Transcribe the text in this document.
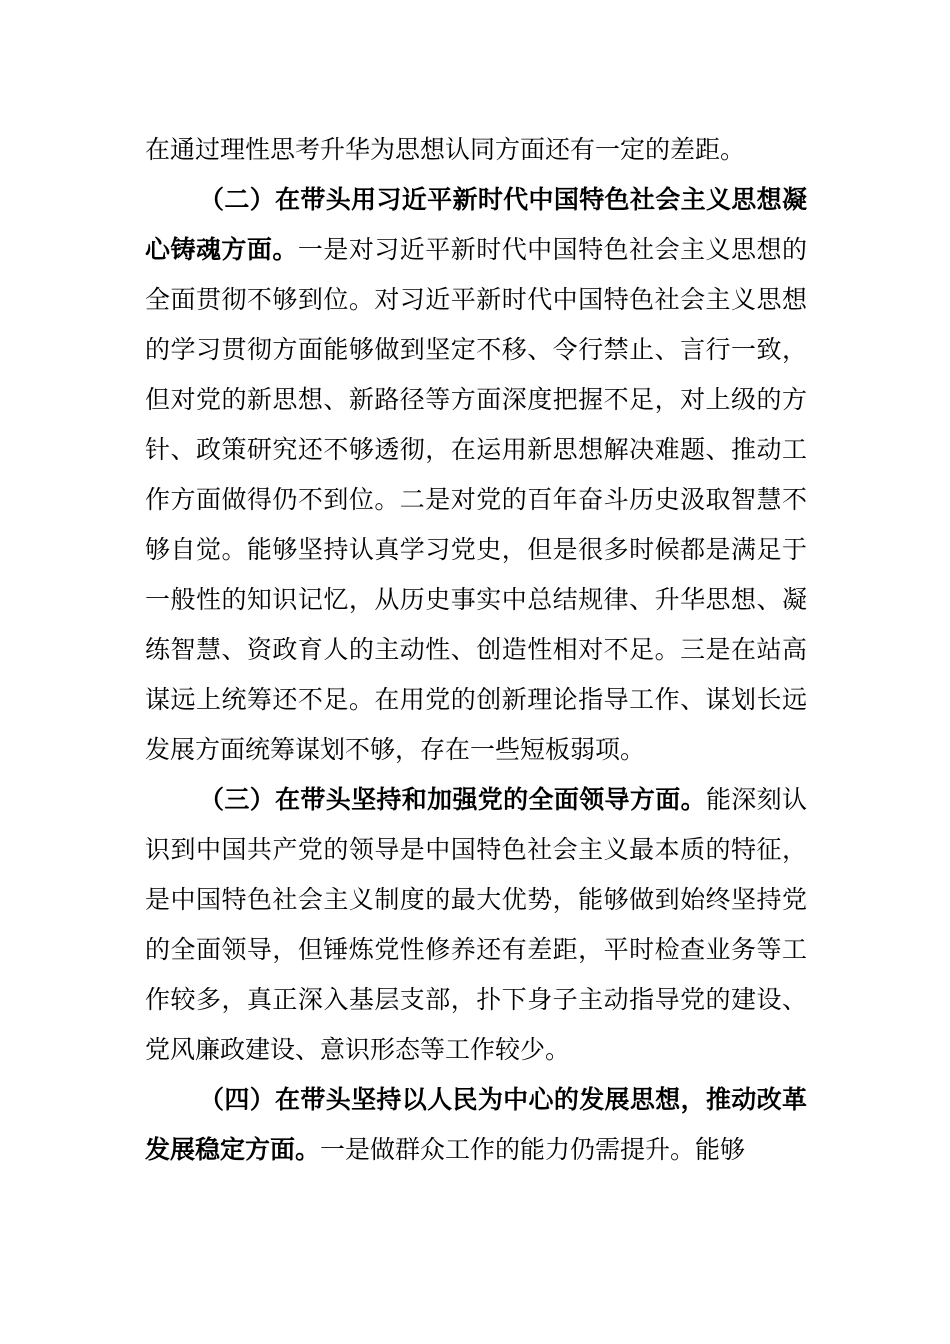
在通过理性思考升华为思想认同方面还有一定的差距。

（二）在带头用习近平新时代中国特色社会主义思想凝心铸魂方面。一是对习近平新时代中国特色社会主义思想的全面贯彻不够到位。对习近平新时代中国特色社会主义思想的学习贯彻方面能够做到坚定不移、令行禁止、言行一致，但对党的新思想、新路径等方面深度把握不足，对上级的方针、政策研究还不够透彻，在运用新思想解决难题、推动工作方面做得仍不到位。二是对党的百年奋斗历史汲取智慧不够自觉。能够坚持认真学习党史，但是很多时候都是满足于一般性的知识记忆，从历史事实中总结规律、升华思想、凝练智慧、资政育人的主动性、创造性相对不足。三是在站高谋远上统筹还不足。在用党的创新理论指导工作、谋划长远发展方面统筹谋划不够，存在一些短板弱项。

（三）在带头坚持和加强党的全面领导方面。能深刻认识到中国共产党的领导是中国特色社会主义最本质的特征，是中国特色社会主义制度的最大优势，能够做到始终坚持党的全面领导，但锤炼党性修养还有差距，平时检查业务等工作较多，真正深入基层支部，扑下身子主动指导党的建设、党风廉政建设、意识形态等工作较少。

（四）在带头坚持以人民为中心的发展思想，推动改革发展稳定方面。一是做群众工作的能力仍需提升。能够
